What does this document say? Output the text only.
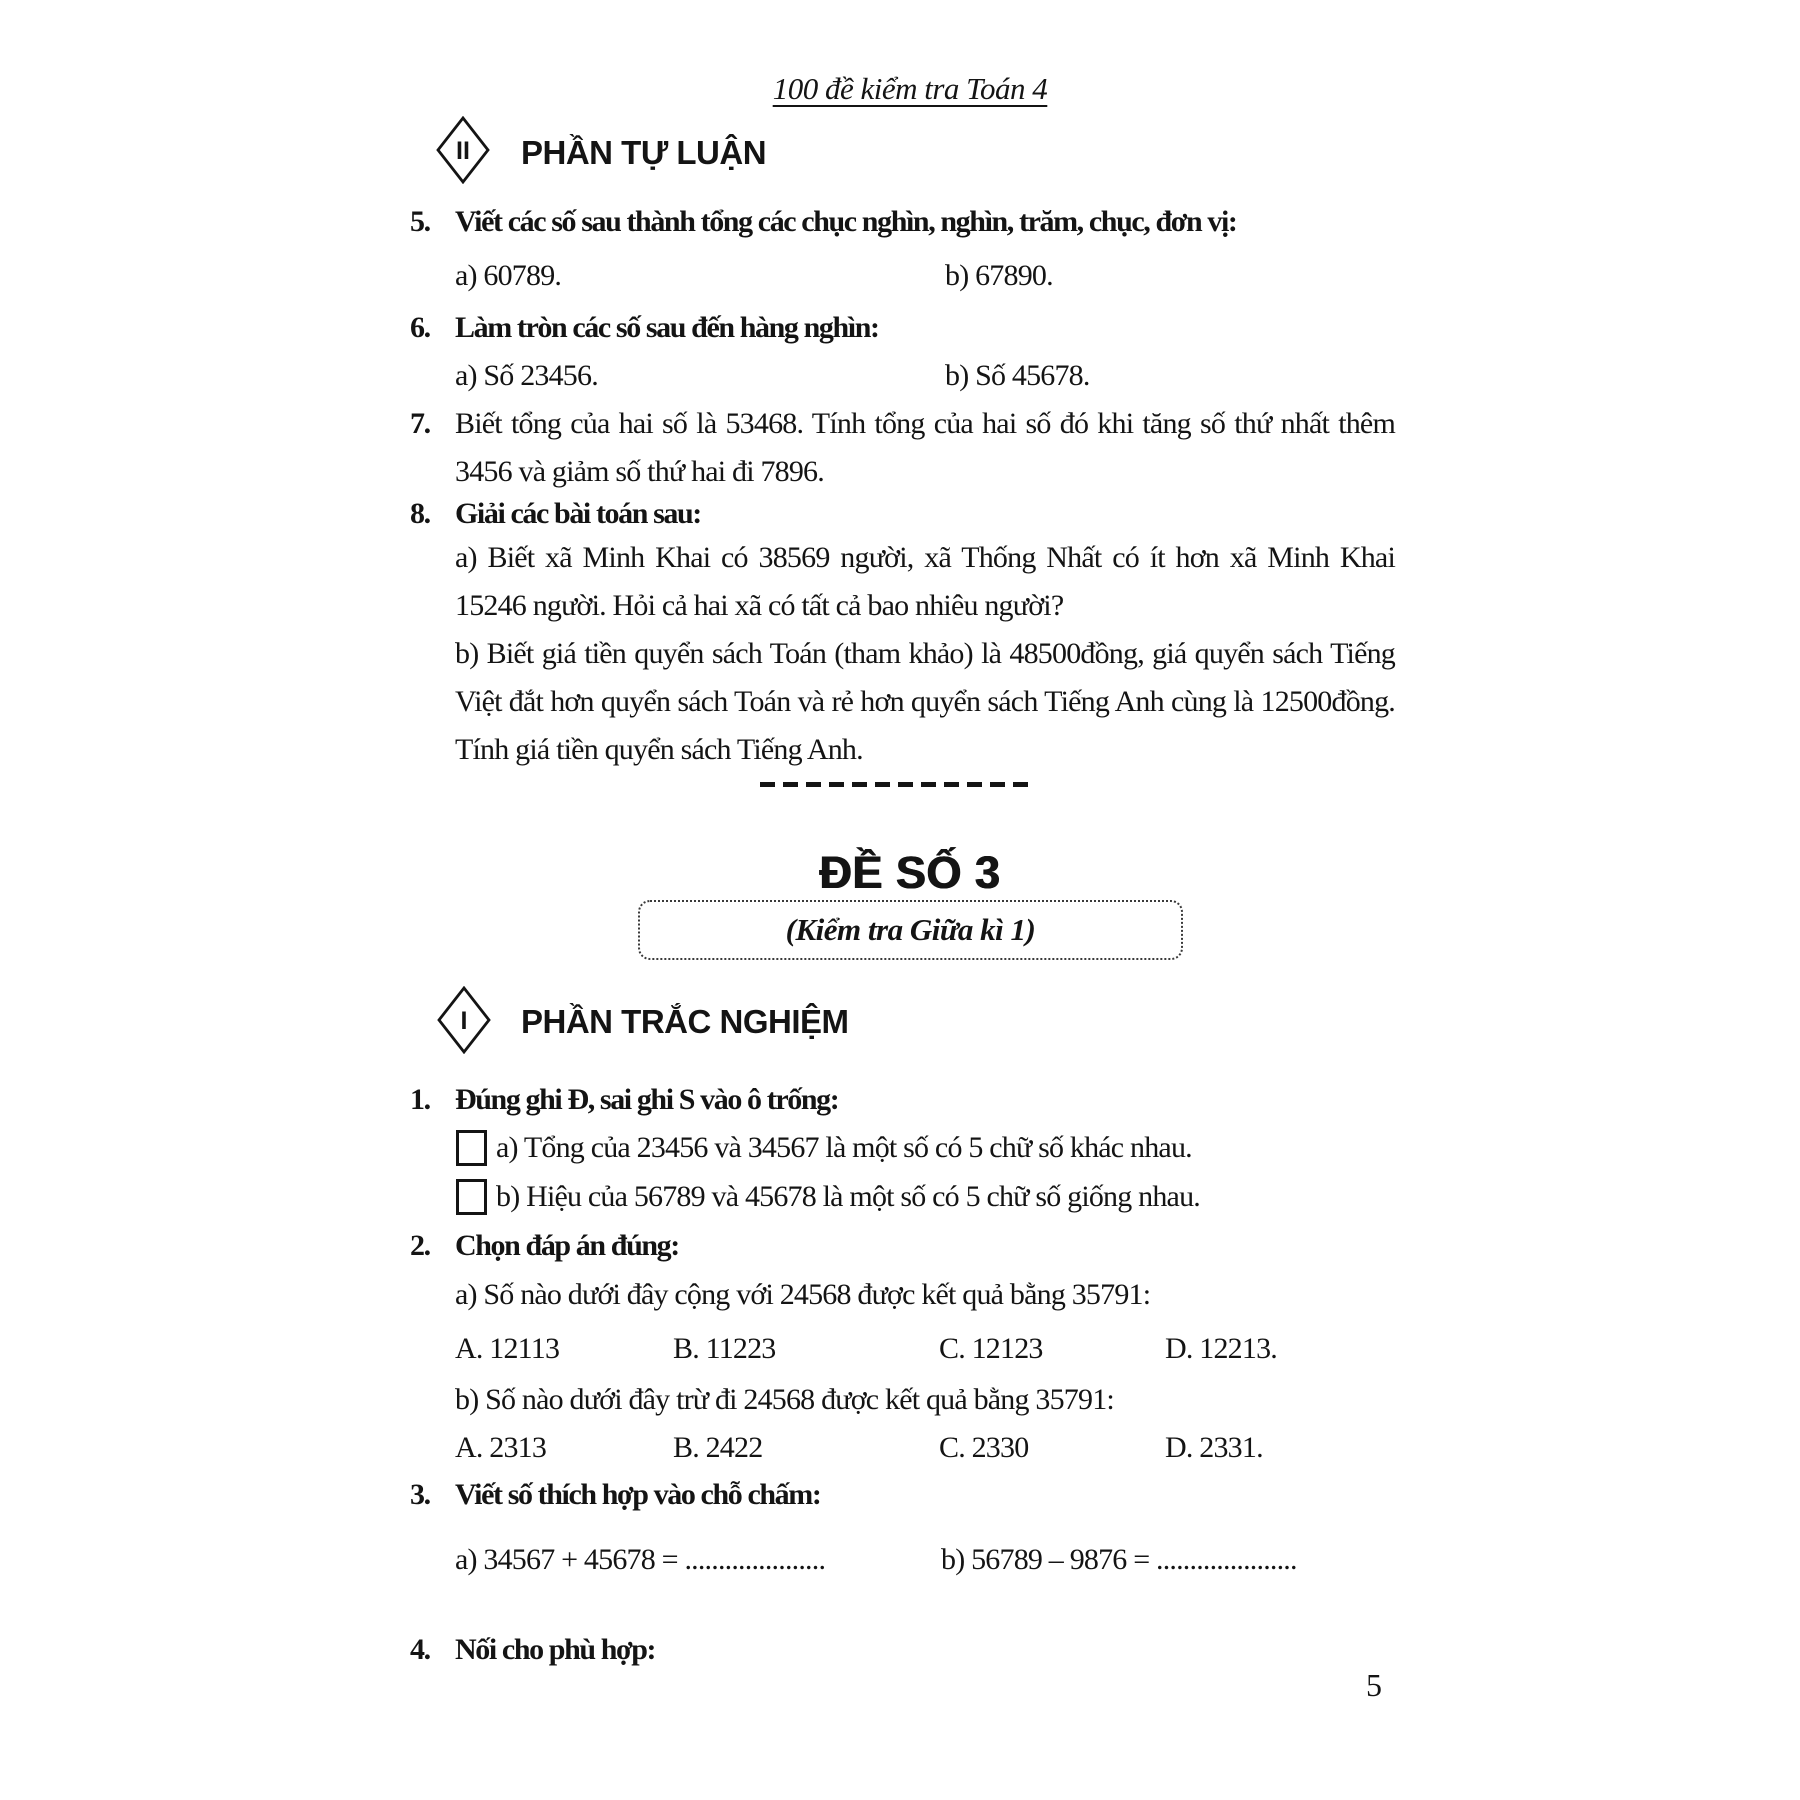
100 đề kiểm tra Toán 4
II PHẦN TỰ LUẬN
5. Viết các số sau thành tổng các chục nghìn, nghìn, trăm, chục, đơn vị:
a) 60789.	b) 67890.
6. Làm tròn các số sau đến hàng nghìn:
a) Số 23456.	b) Số 45678.
7. Biết tổng của hai số là 53468. Tính tổng của hai số đó khi tăng số thứ nhất thêm 3456 và giảm số thứ hai đi 7896.
8. Giải các bài toán sau:
a) Biết xã Minh Khai có 38569 người, xã Thống Nhất có ít hơn xã Minh Khai 15246 người. Hỏi cả hai xã có tất cả bao nhiêu người?
b) Biết giá tiền quyển sách Toán (tham khảo) là 48500đồng, giá quyển sách Tiếng Việt đắt hơn quyển sách Toán và rẻ hơn quyển sách Tiếng Anh cùng là 12500đồng. Tính giá tiền quyển sách Tiếng Anh.
ĐỀ SỐ 3
(Kiểm tra Giữa kì 1)
I PHẦN TRẮC NGHIỆM
1. Đúng ghi Đ, sai ghi S vào ô trống:
a) Tổng của 23456 và 34567 là một số có 5 chữ số khác nhau.
b) Hiệu của 56789 và 45678 là một số có 5 chữ số giống nhau.
2. Chọn đáp án đúng:
a) Số nào dưới đây cộng với 24568 được kết quả bằng 35791:
A. 12113	B. 11223	C. 12123	D. 12213.
b) Số nào dưới đây trừ đi 24568 được kết quả bằng 35791:
A. 2313	B. 2422	C. 2330	D. 2331.
3. Viết số thích hợp vào chỗ chấm:
a) 34567 + 45678 = .....................	b) 56789 – 9876 = .....................
4. Nối cho phù hợp:
5
